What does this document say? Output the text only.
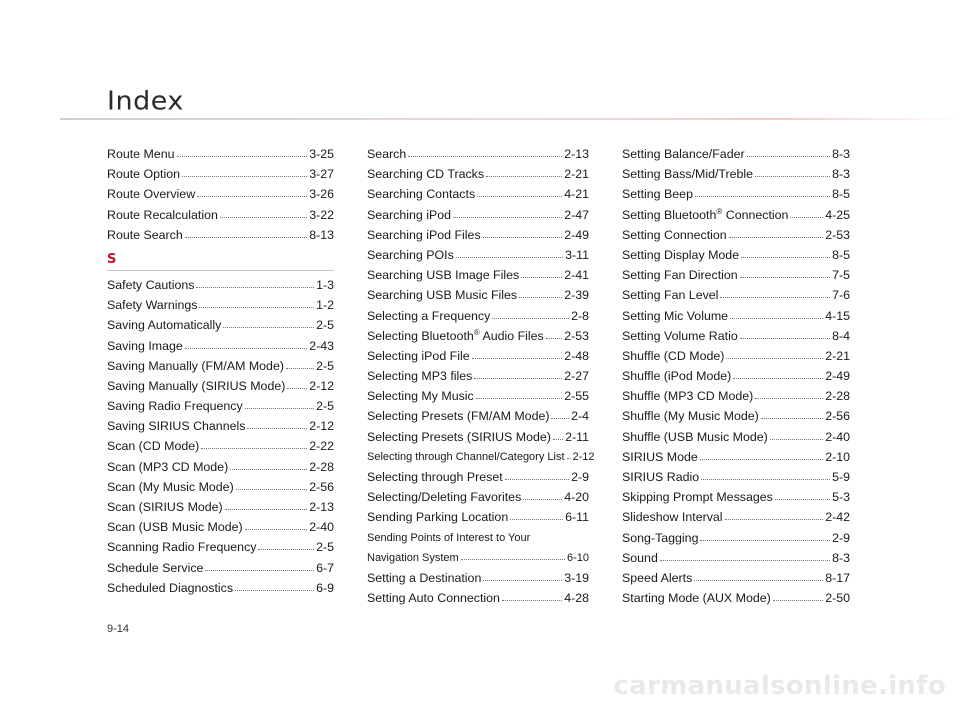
Index
Route Menu	3-25
Route Option	3-27
Route Overview	3-26
Route Recalculation	3-22
Route Search	8-13
S
Safety Cautions	1-3
Safety Warnings	1-2
Saving Automatically	2-5
Saving Image	2-43
Saving Manually (FM/AM Mode)	2-5
Saving Manually (SIRIUS Mode) 2-12
Saving Radio Frequency	2-5
Saving SIRIUS Channels	2-12
Scan (CD Mode)	2-22
Scan (MP3 CD Mode)	2-28
Scan (My Music Mode)	2-56
Scan (SIRIUS Mode)	2-13
Scan (USB Music Mode)	2-40
Scanning Radio Frequency	2-5
Schedule Service	6-7
Scheduled Diagnostics	6-9
Search	2-13
Searching CD Tracks	2-21
Searching Contacts	4-21
Searching iPod	2-47
Searching iPod Files	2-49
Searching POIs	3-11
Searching USB Image Files	2-41
Searching USB Music Files	2-39
Selecting a Frequency	2-8
Selecting Bluetooth® Audio Files 2-53
Selecting iPod File	2-48
Selecting MP3 files	2-27
Selecting My Music	2-55
Selecting Presets (FM/AM Mode) 2-4
Selecting Presets (SIRIUS Mode) 2-11
Selecting through Channel/Category List 2-12
Selecting through Preset	2-9
Selecting/Deleting Favorites	4-20
Sending Parking Location	6-11
Sending Points of Interest to Your
Navigation System	6-10
Setting a Destination	3-19
Setting Auto Connection	4-28
Setting Balance/Fader	8-3
Setting Bass/Mid/Treble	8-3
Setting Beep	8-5
Setting Bluetooth® Connection	4-25
Setting Connection	2-53
Setting Display Mode	8-5
Setting Fan Direction	7-5
Setting Fan Level	7-6
Setting Mic Volume	4-15
Setting Volume Ratio	8-4
Shuffle (CD Mode)	2-21
Shuffle (iPod Mode)	2-49
Shuffle (MP3 CD Mode)	2-28
Shuffle (My Music Mode)	2-56
Shuffle (USB Music Mode)	2-40
SIRIUS Mode	2-10
SIRIUS Radio	5-9
Skipping Prompt Messages	5-3
Slideshow Interval	2-42
Song-Tagging	2-9
Sound	8-3
Speed Alerts	8-17
Starting Mode (AUX Mode)	2-50
9-14
carmanualsonline.info
